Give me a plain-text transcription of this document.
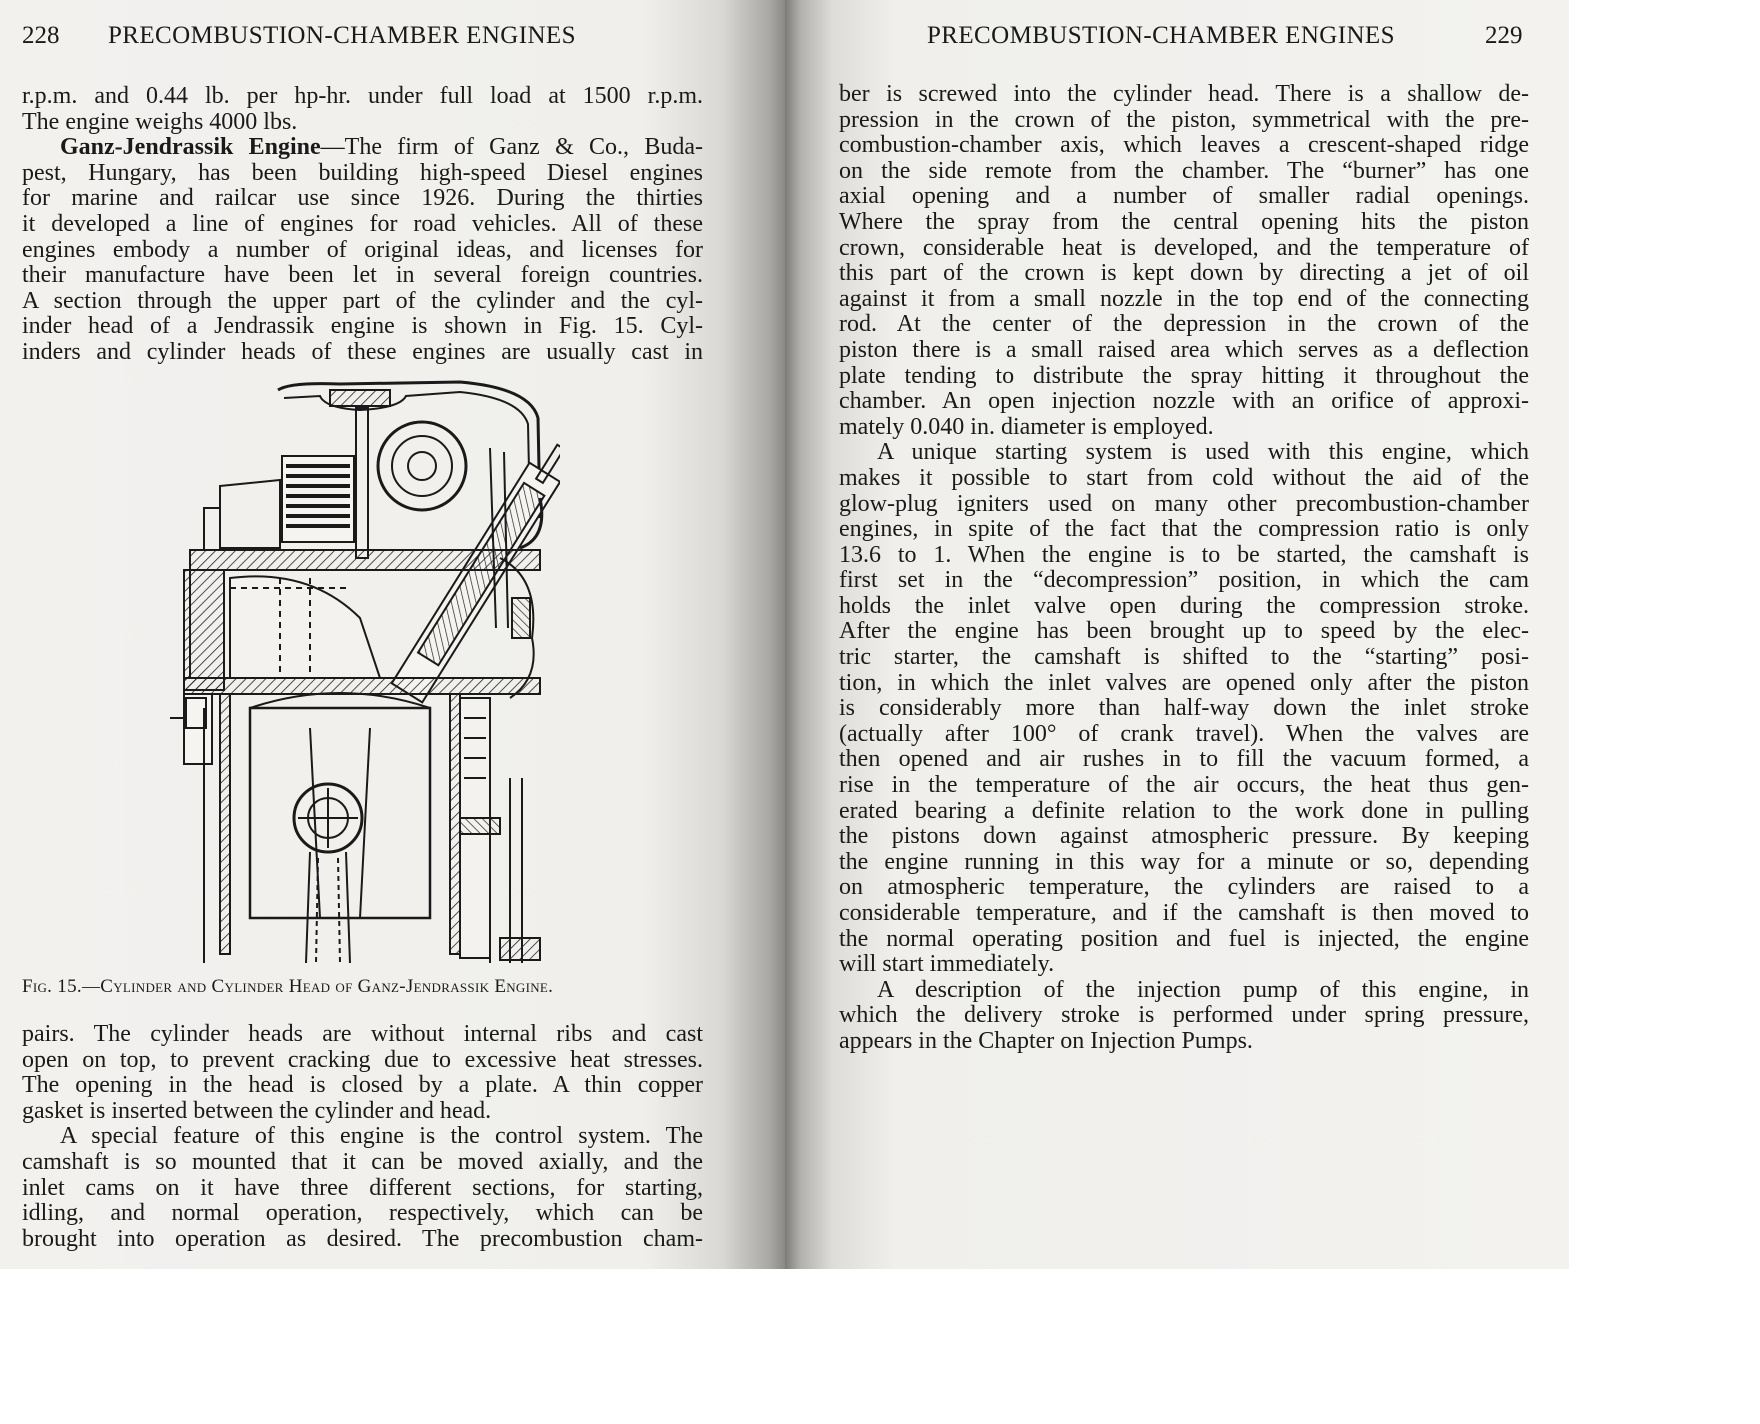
228 PRECOMBUSTION-CHAMBER ENGINES
r.p.m. and 0.44 lb. per hp-hr. under full load at 1500 r.p.m.
The engine weighs 4000 lbs.
Ganz-Jendrassik Engine—The firm of Ganz & Co., Buda-
pest, Hungary, has been building high-speed Diesel engines
for marine and railcar use since 1926. During the thirties
it developed a line of engines for road vehicles. All of these
engines embody a number of original ideas, and licenses for
their manufacture have been let in several foreign countries.
A section through the upper part of the cylinder and the cyl-
inder head of a Jendrassik engine is shown in Fig. 15. Cyl-
inders and cylinder heads of these engines are usually cast in
Fig. 15.—Cylinder and Cylinder Head of Ganz-Jendrassik Engine.
pairs. The cylinder heads are without internal ribs and cast
open on top, to prevent cracking due to excessive heat stresses.
The opening in the head is closed by a plate. A thin copper
gasket is inserted between the cylinder and head.
A special feature of this engine is the control system. The
camshaft is so mounted that it can be moved axially, and the
inlet cams on it have three different sections, for starting,
idling, and normal operation, respectively, which can be
brought into operation as desired. The precombustion cham-
PRECOMBUSTION-CHAMBER ENGINES	229
ber is screwed into the cylinder head. There is a shallow de-
pression in the crown of the piston, symmetrical with the pre-
combustion-chamber axis, which leaves a crescent-shaped ridge
on the side remote from the chamber. The “burner” has one
axial opening and a number of smaller radial openings.
Where the spray from the central opening hits the piston
crown, considerable heat is developed, and the temperature of
this part of the crown is kept down by directing a jet of oil
against it from a small nozzle in the top end of the connecting
rod. At the center of the depression in the crown of the
piston there is a small raised area which serves as a deflection
plate tending to distribute the spray hitting it throughout the
chamber. An open injection nozzle with an orifice of approxi-
mately 0.040 in. diameter is employed.
A unique starting system is used with this engine, which
makes it possible to start from cold without the aid of the
glow-plug igniters used on many other precombustion-chamber
engines, in spite of the fact that the compression ratio is only
13.6 to 1. When the engine is to be started, the camshaft is
first set in the “decompression” position, in which the cam
holds the inlet valve open during the compression stroke.
After the engine has been brought up to speed by the elec-
tric starter, the camshaft is shifted to the “starting” posi-
tion, in which the inlet valves are opened only after the piston
is considerably more than half-way down the inlet stroke
(actually after 100° of crank travel). When the valves are
then opened and air rushes in to fill the vacuum formed, a
rise in the temperature of the air occurs, the heat thus gen-
erated bearing a definite relation to the work done in pulling
the pistons down against atmospheric pressure. By keeping
the engine running in this way for a minute or so, depending
on atmospheric temperature, the cylinders are raised to a
considerable temperature, and if the camshaft is then moved to
the normal operating position and fuel is injected, the engine
will start immediately.
A description of the injection pump of this engine, in
which the delivery stroke is performed under spring pressure,
appears in the Chapter on Injection Pumps.
